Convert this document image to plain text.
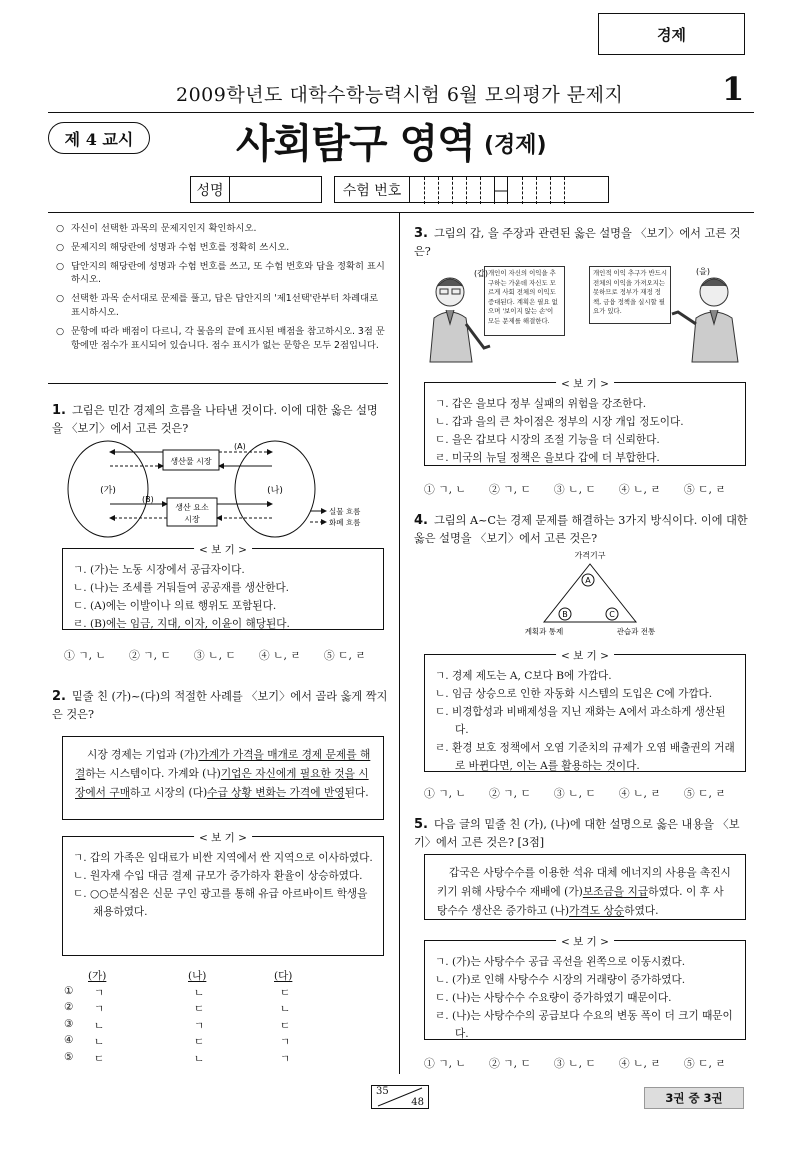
경제
2009학년도 대학수학능력시험 6월 모의평가 문제지	1
제 4 교시	사회탐구 영역 (경제)
성명	수험 번호	—
○ 자신이 선택한 과목의 문제지인지 확인하시오.
○ 문제지의 해당란에 성명과 수험 번호를 정확히 쓰시오.
○ 답안지의 해당란에 성명과 수험 번호를 쓰고, 또 수험 번호와 답을 정확히 표시하시오.
○ 선택한 과목 순서대로 문제를 풀고, 답은 답안지의 '제1선택'란부터 차례대로 표시하시오.
○ 문항에 따라 배점이 다르니, 각 물음의 끝에 표시된 배점을 참고하시오. 3점 문항에만 점수가 표시되어 있습니다. 점수 표시가 없는 문항은 모두 2점입니다.
1. 그림은 민간 경제의 흐름을 나타낸 것이다. 이에 대한 옳은 설명을 〈보기〉에서 고른 것은?
(가)	(나)
생산물 시장
생산 요소
시장
(A)
(B)
실물 흐름
화폐 흐름
< 보 기 >
ㄱ. (가)는 노동 시장에서 공급자이다.
ㄴ. (나)는 조세를 거둬들여 공공재를 생산한다.
ㄷ. (A)에는 이발이나 의료 행위도 포함된다.
ㄹ. (B)에는 임금, 지대, 이자, 이윤이 해당된다.
① ㄱ, ㄴ ② ㄱ, ㄷ ③ ㄴ, ㄷ ④ ㄴ, ㄹ ⑤ ㄷ, ㄹ
2. 밑줄 친 (가)~(다)의 적절한 사례를 〈보기〉에서 골라 옳게 짝지은 것은?
시장 경제는 기업과 (가)가계가 가격을 매개로 경제 문제를 해결하는 시스템이다. 가계와 (나)기업은 자신에게 필요한 것을 시장에서 구매하고 시장의 (다)수급 상황 변화는 가격에 반영된다.
< 보 기 >
ㄱ. 갑의 가족은 임대료가 비싼 지역에서 싼 지역으로 이사하였다.
ㄴ. 원자재 수입 대금 결제 규모가 증가하자 환율이 상승하였다.
ㄷ. ○○분식점은 신문 구인 광고를 통해 유급 아르바이트 학생을 채용하였다.
(가)	(나)	(다)
①	ㄱ	ㄴ	ㄷ
②	ㄱ	ㄷ	ㄴ
③	ㄴ	ㄱ	ㄷ
④	ㄴ	ㄷ	ㄱ
⑤	ㄷ	ㄴ	ㄱ
3. 그림의 갑, 을 주장과 관련된 옳은 설명을 〈보기〉에서 고른 것은?
(갑)	(을)
개인이 자신의 이익을 추구하는 가운데 자신도 모르게 사회 전체의 이익도 증대된다. 계획은 필요 없으며 '보이지 않는 손'이 모든 문제를 해결한다.
개인적 이익 추구가 반드시 전체의 이익을 가져오지는 못하므로 정부가 재정 정책, 금융 정책을 실시할 필요가 있다.
< 보 기 >
ㄱ. 갑은 을보다 정부 실패의 위험을 강조한다.
ㄴ. 갑과 을의 큰 차이점은 정부의 시장 개입 정도이다.
ㄷ. 을은 갑보다 시장의 조절 기능을 더 신뢰한다.
ㄹ. 미국의 뉴딜 정책은 을보다 갑에 더 부합한다.
① ㄱ, ㄴ ② ㄱ, ㄷ ③ ㄴ, ㄷ ④ ㄴ, ㄹ ⑤ ㄷ, ㄹ
4. 그림의 A~C는 경제 문제를 해결하는 3가지 방식이다. 이에 대한 옳은 설명을 〈보기〉에서 고른 것은?
가격기구
A
B	C
계획과 통제	관습과 전통
< 보 기 >
ㄱ. 경제 제도는 A, C보다 B에 가깝다.
ㄴ. 임금 상승으로 인한 자동화 시스템의 도입은 C에 가깝다.
ㄷ. 비경합성과 비배제성을 지닌 재화는 A에서 과소하게 생산된다.
ㄹ. 환경 보호 정책에서 오염 기준치의 규제가 오염 배출권의 거래로 바뀐다면, 이는 A를 활용하는 것이다.
① ㄱ, ㄴ ② ㄱ, ㄷ ③ ㄴ, ㄷ ④ ㄴ, ㄹ ⑤ ㄷ, ㄹ
5. 다음 글의 밑줄 친 (가), (나)에 대한 설명으로 옳은 내용을 〈보기〉에서 고른 것은? [3점]
갑국은 사탕수수를 이용한 석유 대체 에너지의 사용을 촉진시키기 위해 사탕수수 재배에 (가)보조금을 지급하였다. 이 후 사탕수수 생산은 증가하고 (나)가격도 상승하였다.
< 보 기 >
ㄱ. (가)는 사탕수수 공급 곡선을 왼쪽으로 이동시켰다.
ㄴ. (가)로 인해 사탕수수 시장의 거래량이 증가하였다.
ㄷ. (나)는 사탕수수 수요량이 증가하였기 때문이다.
ㄹ. (나)는 사탕수수의 공급보다 수요의 변동 폭이 더 크기 때문이다.
① ㄱ, ㄴ ② ㄱ, ㄷ ③ ㄴ, ㄷ ④ ㄴ, ㄹ ⑤ ㄷ, ㄹ
35
48	3권 중 3권
